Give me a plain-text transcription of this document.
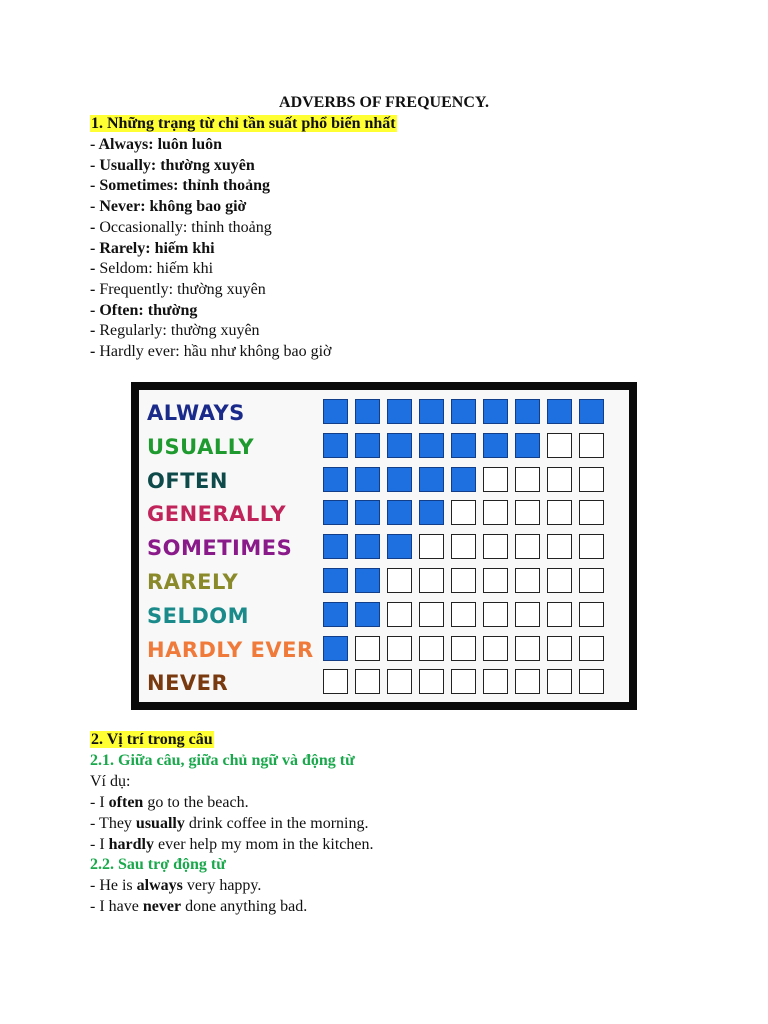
ADVERBS OF FREQUENCY.
1. Những trạng từ chỉ tần suất phổ biến nhất
- Always: luôn luôn
- Usually: thường xuyên
- Sometimes: thỉnh thoảng
- Never: không bao giờ
- Occasionally: thỉnh thoảng
- Rarely: hiếm khi
- Seldom: hiếm khi
- Frequently: thường xuyên
- Often: thường
- Regularly: thường xuyên
- Hardly ever: hầu như không bao giờ
ALWAYS
USUALLY
OFTEN
GENERALLY
SOMETIMES
RARELY
SELDOM
HARDLY EVER
NEVER
2. Vị trí trong câu
2.1. Giữa câu, giữa chủ ngữ và động từ
Ví dụ:
- I often go to the beach.
- They usually drink coffee in the morning.
- I hardly ever help my mom in the kitchen.
2.2. Sau trợ động từ
- He is always very happy.
- I have never done anything bad.
